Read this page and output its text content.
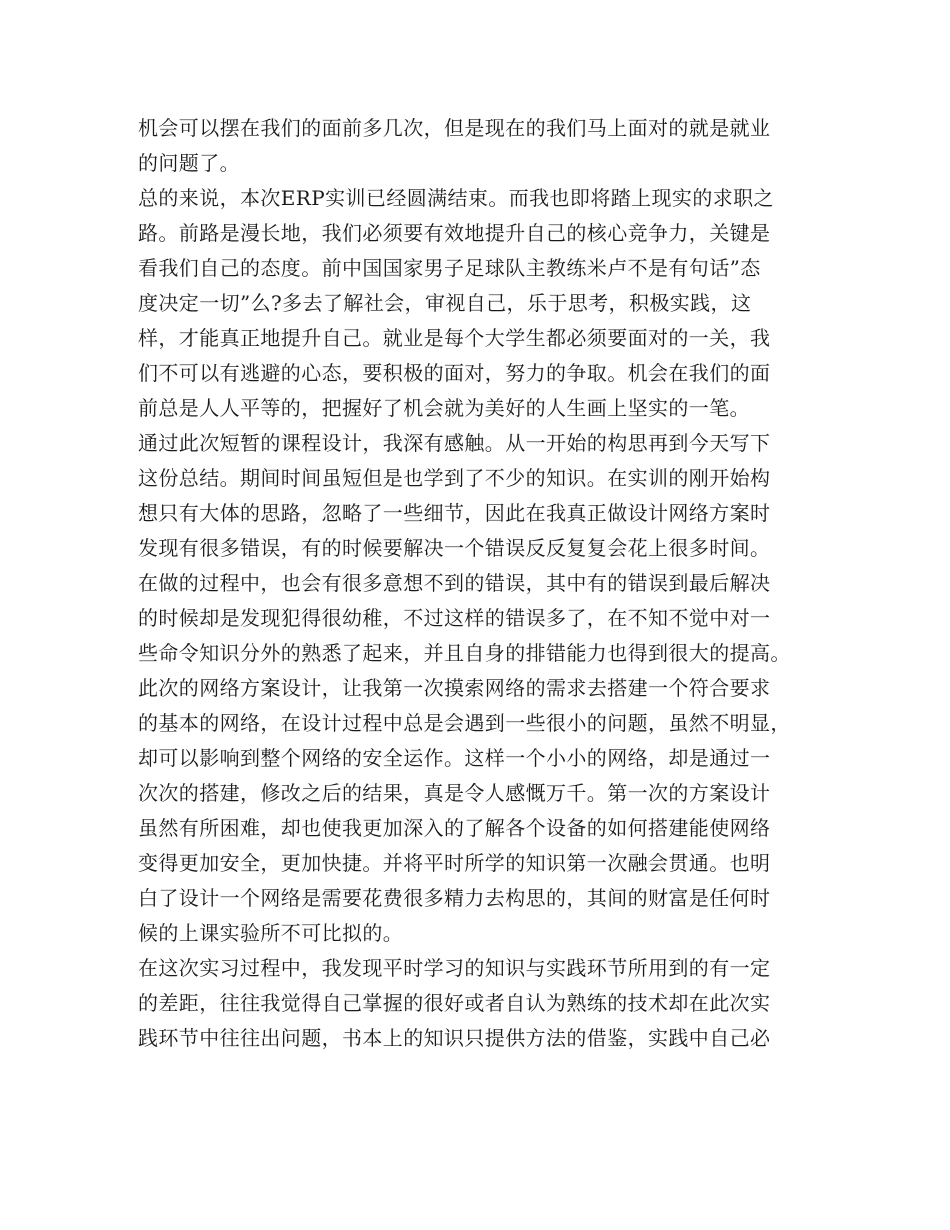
机会可以摆在我们的面前多几次，但是现在的我们马上面对的就是就业
的问题了。
总的来说，本次ERP实训已经圆满结束。而我也即将踏上现实的求职之
路。前路是漫长地，我们必须要有效地提升自己的核心竞争力，关键是
看我们自己的态度。前中国国家男子足球队主教练米卢不是有句话”态
度决定一切”么?多去了解社会，审视自己，乐于思考，积极实践，这
样，才能真正地提升自己。就业是每个大学生都必须要面对的一关，我
们不可以有逃避的心态，要积极的面对，努力的争取。机会在我们的面
前总是人人平等的，把握好了机会就为美好的人生画上坚实的一笔。
通过此次短暂的课程设计，我深有感触。从一开始的构思再到今天写下
这份总结。期间时间虽短但是也学到了不少的知识。在实训的刚开始构
想只有大体的思路，忽略了一些细节，因此在我真正做设计网络方案时
发现有很多错误，有的时候要解决一个错误反反复复会花上很多时间。
在做的过程中，也会有很多意想不到的错误，其中有的错误到最后解决
的时候却是发现犯得很幼稚，不过这样的错误多了，在不知不觉中对一
些命令知识分外的熟悉了起来，并且自身的排错能力也得到很大的提高。
此次的网络方案设计，让我第一次摸索网络的需求去搭建一个符合要求
的基本的网络，在设计过程中总是会遇到一些很小的问题，虽然不明显，
却可以影响到整个网络的安全运作。这样一个小小的网络，却是通过一
次次的搭建，修改之后的结果，真是令人感慨万千。第一次的方案设计
虽然有所困难，却也使我更加深入的了解各个设备的如何搭建能使网络
变得更加安全，更加快捷。并将平时所学的知识第一次融会贯通。也明
白了设计一个网络是需要花费很多精力去构思的，其间的财富是任何时
候的上课实验所不可比拟的。
在这次实习过程中，我发现平时学习的知识与实践环节所用到的有一定
的差距，往往我觉得自己掌握的很好或者自认为熟练的技术却在此次实
践环节中往往出问题，书本上的知识只提供方法的借鉴，实践中自己必
